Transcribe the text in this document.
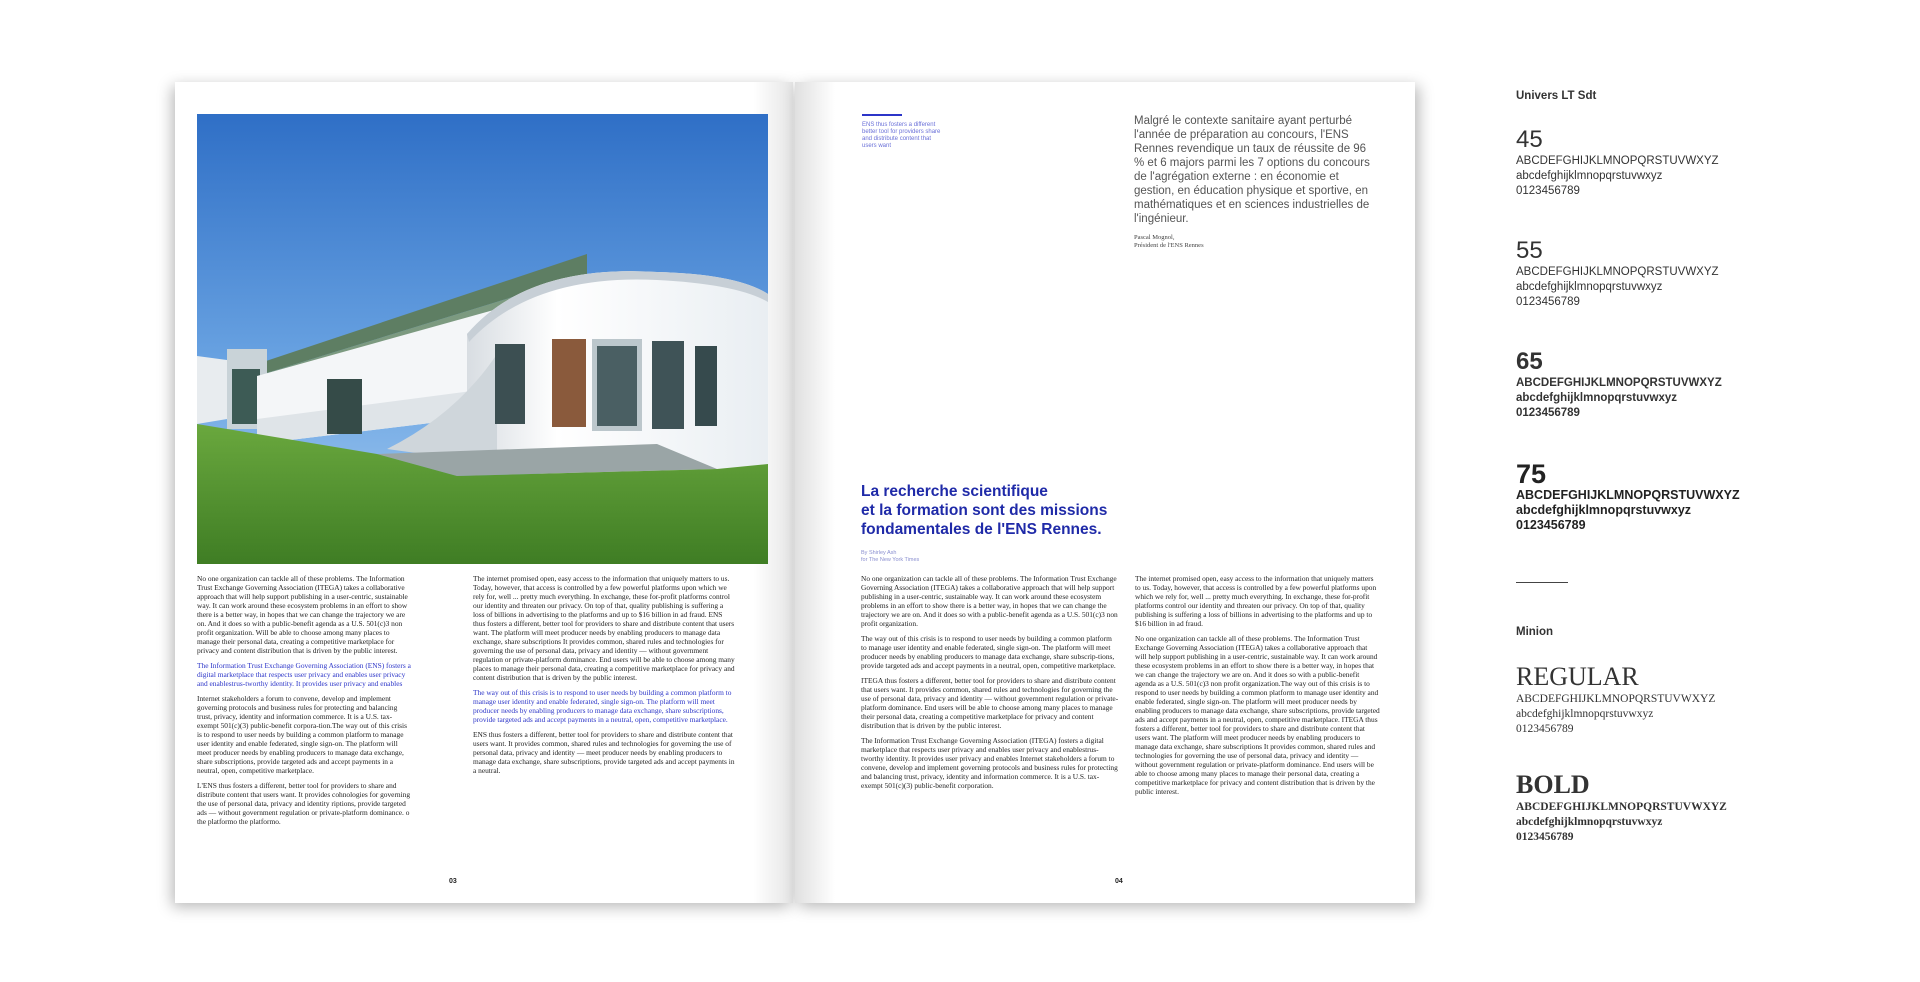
No one organization can tackle all of these problems. The Information Trust Exchange Governing Association (ITEGA) takes a collaborative approach that will help support publishing in a user-centric, sustainable way. It can work around these ecosystem problems in an effort to show there is a better way, in hopes that we can change the trajectory we are on. And it does so with a public-benefit agenda as a U.S. 501(c)3 non profit organization. Will be able to choose among many places to manage their personal data, creating a competitive marketplace for privacy and content distribution that is driven by the public interest.

The Information Trust Exchange Governing Association (ENS) fosters a digital marketplace that respects user privacy and enables user privacy and enablestrus-tworthy identity. It provides user privacy and enables

Internet stakeholders a forum to convene, develop and implement governing protocols and business rules for protecting and balancing trust, privacy, identity and information commerce. It is a U.S. tax-exempt 501(c)(3) public-benefit corpora-tion.The way out of this crisis is to respond to user needs by building a common platform to manage user identity and enable federated, single sign-on. The platform will meet producer needs by enabling producers to manage data exchange, share subscriptions, provide targeted ads and accept payments in a neutral, open, competitive marketplace.

L'ENS thus fosters a different, better tool for providers to share and distribute content that users want. It provides cohnologies for governing the use of personal data, privacy and identity riptions, provide targeted ads — without government regulation or private-platform dominance. o the platformo the platformo.

The internet promised open, easy access to the information that uniquely matters to us. Today, however, that access is controlled by a few powerful platforms upon which we rely for, well ... pretty much everything. In exchange, these for-profit platforms control our identity and threaten our privacy. On top of that, quality publishing is suffering a loss of billions in advertising to the platforms and up to $16 billion in ad fraud. ENS thus fosters a different, better tool for providers to share and distribute content that users want. The platform will meet producer needs by enabling producers to manage data exchange, share subscriptions It provides common, shared rules and technologies for governing the use of personal data, privacy and identity — without government regulation or private-platform dominance. End users will be able to choose among many places to manage their personal data, creating a competitive marketplace for privacy and content distribution that is driven by the public interest.

The way out of this crisis is to respond to user needs by building a common platform to manage user identity and enable federated, single sign-on. The platform will meet producer needs by enabling producers to manage data exchange, share subscriptions, provide targeted ads and accept payments in a neutral, open, competitive marketplace.

ENS thus fosters a different, better tool for providers to share and distribute content that users want. It provides common, shared rules and technologies for governing the use of personal data, privacy and identity — meet producer needs by enabling producers to manage data exchange, share subscriptions, provide targeted ads and accept payments in a neutral.

03
ENS thus fosters a different better tool for providers share and distribute content that users want
Malgré le contexte sanitaire ayant perturbé l'année de préparation au concours, l'ENS Rennes revendique un taux de réussite de 96 % et 6 majors parmi les 7 options du concours de l'agrégation externe : en économie et gestion, en éducation physique et sportive, en mathématiques et en sciences industrielles de l'ingénieur.
Pascal Mognol,
Président de l'ENS Rennes
La recherche scientifique
et la formation sont des missions
fondamentales de l'ENS Rennes.
By Shirley Ash
for The New York Times

No one organization can tackle all of these problems. The Information Trust Exchange Governing Association (ITEGA) takes a collaborative approach that will help support publishing in a user-centric, sustainable way. It can work around these ecosystem problems in an effort to show there is a better way, in hopes that we can change the trajectory we are on. And it does so with a public-benefit agenda as a U.S. 501(c)3 non profit organization.

The way out of this crisis is to respond to user needs by building a common platform to manage user identity and enable federated, single sign-on. The platform will meet producer needs by enabling producers to manage data exchange, share subscrip-tions, provide targeted ads and accept payments in a neutral, open, competitive marketplace.

ITEGA thus fosters a different, better tool for providers to share and distribute content that users want. It provides common, shared rules and technologies for governing the use of personal data, privacy and identity — without government regulation or private-platform dominance. End users will be able to choose among many places to manage their personal data, creating a competitive marketplace for privacy and content distribution that is driven by the public interest.

The Information Trust Exchange Governing Association (ITEGA) fosters a digital marketplace that respects user privacy and enables user privacy and enablestrus-tworthy identity. It provides user privacy and enables Internet stakeholders a forum to convene, develop and implement governing protocols and business rules for protecting and balancing trust, privacy, identity and information commerce. It is a U.S. tax-exempt 501(c)(3) public-benefit corporation.

The internet promised open, easy access to the information that uniquely matters to us. Today, however, that access is controlled by a few powerful platforms upon which we rely for, well ... pretty much everything. In exchange, these for-profit platforms control our identity and threaten our privacy. On top of that, quality publishing is suffering a loss of billions in advertising to the platforms and up to $16 billion in ad fraud.

No one organization can tackle all of these problems. The Information Trust Exchange Governing Association (ITEGA) takes a collaborative approach that will help support publishing in a user-centric, sustainable way. It can work around these ecosystem problems in an effort to show there is a better way, in hopes that we can change the trajectory we are on. And it does so with a public-benefit agenda as a U.S. 501(c)3 non profit organization.The way out of this crisis is to respond to user needs by building a common platform to manage user identity and enable federated, single sign-on. The platform will meet producer needs by enabling producers to manage data exchange, share subscriptions, provide targeted ads and accept payments in a neutral, open, competitive marketplace. ITEGA thus fosters a different, better tool for providers to share and distribute content that users want. The platform will meet producer needs by enabling producers to manage data exchange, share subscriptions It provides common, shared rules and technologies for governing the use of personal data, privacy and identity — without government regulation or private-platform dominance. End users will be able to choose among many places to manage their personal data, creating a competitive marketplace for privacy and content distribution that is driven by the public interest.

04
Univers LT Sdt
45
ABCDEFGHIJKLMNOPQRSTUVWXYZ
abcdefghijklmnopqrstuvwxyz
0123456789
55
ABCDEFGHIJKLMNOPQRSTUVWXYZ
abcdefghijklmnopqrstuvwxyz
0123456789
65
ABCDEFGHIJKLMNOPQRSTUVWXYZ
abcdefghijklmnopqrstuvwxyz
0123456789
75
ABCDEFGHIJKLMNOPQRSTUVWXYZ
abcdefghijklmnopqrstuvwxyz
0123456789
Minion
REGULAR
ABCDEFGHIJKLMNOPQRSTUVWXYZ
abcdefghijklmnopqrstuvwxyz
0123456789
BOLD
ABCDEFGHIJKLMNOPQRSTUVWXYZ
abcdefghijklmnopqrstuvwxyz
0123456789
